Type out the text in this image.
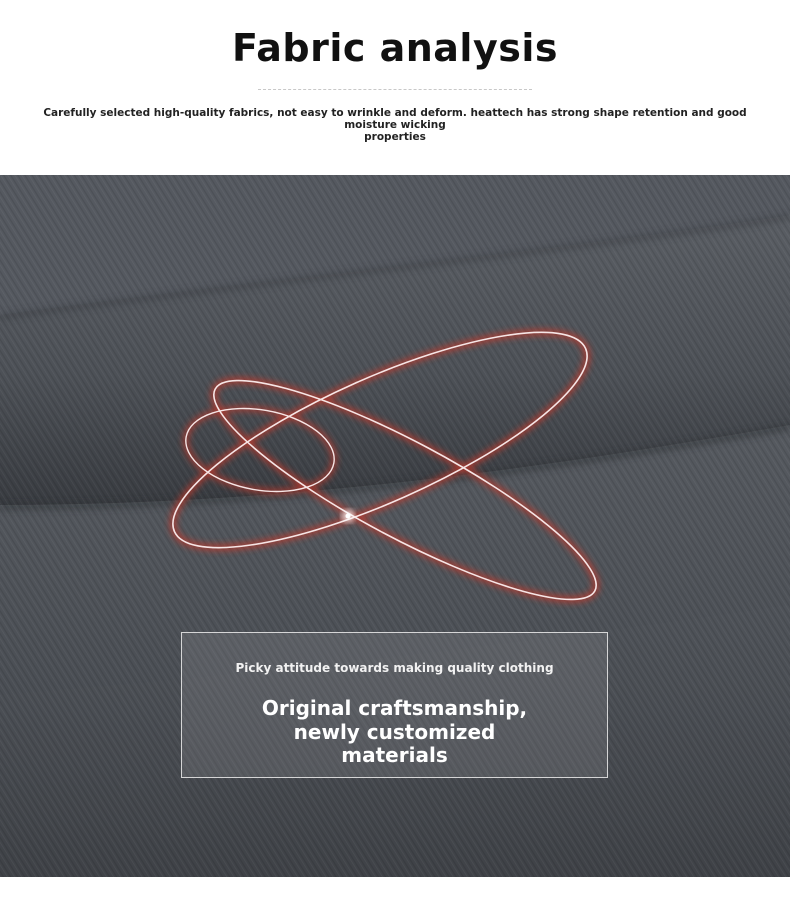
Fabric analysis
Carefully selected high-quality fabrics, not easy to wrinkle and deform. heattech has strong shape retention and good moisture wicking
properties
Picky attitude towards making quality clothing
Original craftsmanship,
newly customized
materials
